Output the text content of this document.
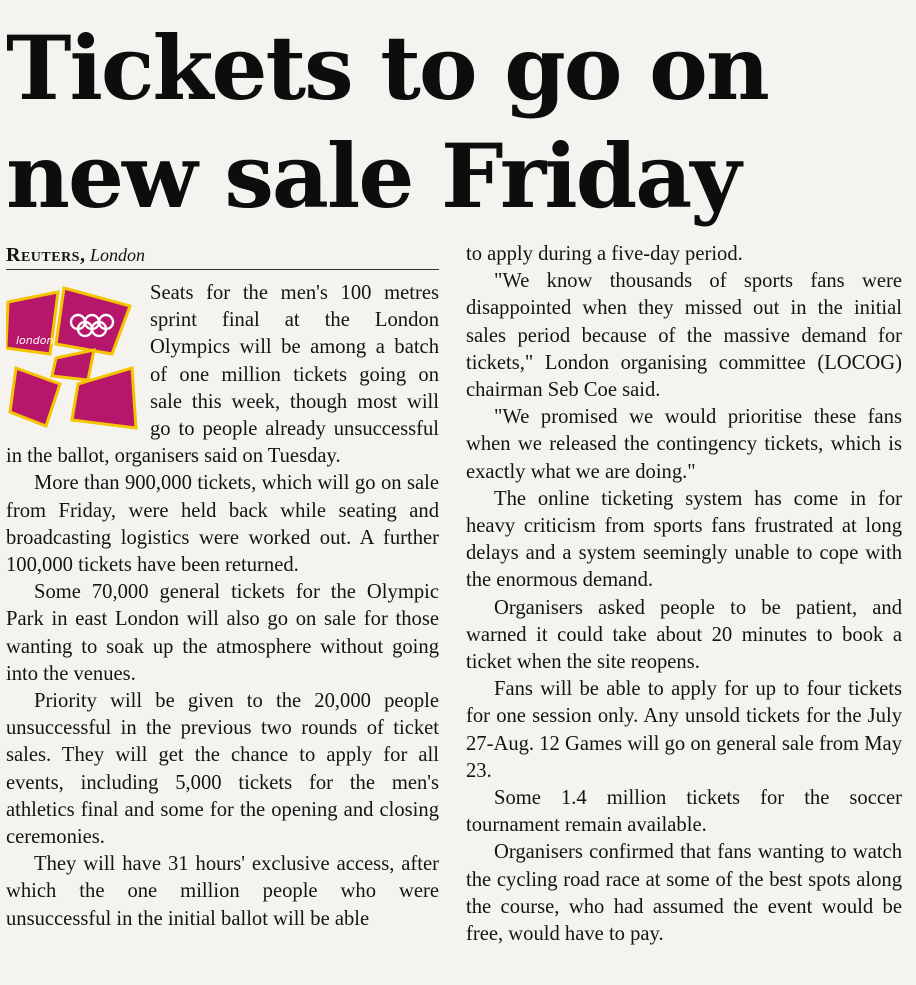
Tickets to go on
new sale Friday
Reuters, London
london

Seats for the men's 100 metres sprint final at the London Olympics will be among a batch of one million tickets going on sale this week, though most will go to people already unsuccessful in the ballot, organisers said on Tuesday.

More than 900,000 tickets, which will go on sale from Friday, were held back while seating and broadcasting logistics were worked out. A further 100,000 tickets have been returned.

Some 70,000 general tickets for the Olympic Park in east London will also go on sale for those wanting to soak up the atmosphere without going into the venues.

Priority will be given to the 20,000 people unsuccessful in the previous two rounds of ticket sales. They will get the chance to apply for all events, including 5,000 tickets for the men's athletics final and some for the opening and closing ceremonies.

They will have 31 hours' exclusive access, after which the one million people who were unsuccessful in the initial ballot will be able

to apply during a five-day period.

"We know thousands of sports fans were disappointed when they missed out in the initial sales period because of the massive demand for tickets," London organising committee (LOCOG) chairman Seb Coe said.

"We promised we would prioritise these fans when we released the contingency tickets, which is exactly what we are doing."

The online ticketing system has come in for heavy criticism from sports fans frustrated at long delays and a system seemingly unable to cope with the enormous demand.

Organisers asked people to be patient, and warned it could take about 20 minutes to book a ticket when the site reopens.

Fans will be able to apply for up to four tickets for one session only. Any unsold tickets for the July 27-Aug. 12 Games will go on general sale from May 23.

Some 1.4 million tickets for the soccer tournament remain available.

Organisers confirmed that fans wanting to watch the cycling road race at some of the best spots along the course, who had assumed the event would be free, would have to pay.
